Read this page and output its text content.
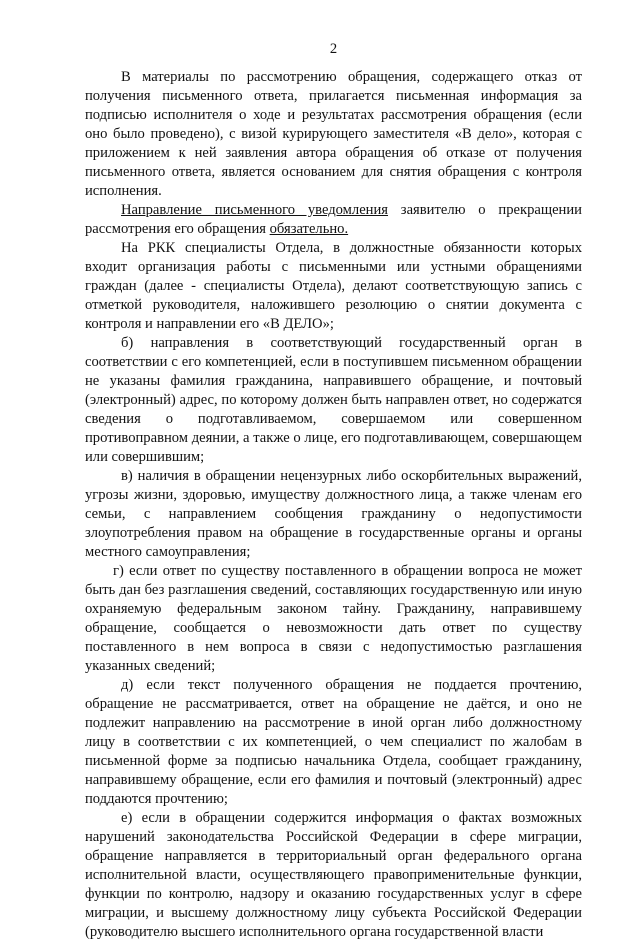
2

В материалы по рассмотрению обращения, содержащего отказ от получения письменного ответа, прилагается письменная информация за подписью исполнителя о ходе и результатах рассмотрения обращения (если оно было проведено), с визой курирующего заместителя «В дело», которая с приложением к ней заявления автора обращения об отказе от получения письменного ответа, является основанием для снятия обращения с контроля исполнения.

Направление письменного уведомления заявителю о прекращении рассмотрения его обращения обязательно.

На РКК специалисты Отдела, в должностные обязанности которых входит организация работы с письменными или устными обращениями граждан (далее - специалисты Отдела), делают соответствующую запись с отметкой руководителя, наложившего резолюцию о снятии документа с контроля и направлении его «В ДЕЛО»;

б) направления в соответствующий государственный орган в соответствии с его компетенцией, если в поступившем письменном обращении не указаны фамилия гражданина, направившего обращение, и почтовый (электронный) адрес, по которому должен быть направлен ответ, но содержатся сведения о подготавливаемом, совершаемом или совершенном противоправном деянии, а также о лице, его подготавливающем, совершающем или совершившим;

в) наличия в обращении нецензурных либо оскорбительных выражений, угрозы жизни, здоровью, имуществу должностного лица, а также членам его семьи, с направлением сообщения гражданину о недопустимости злоупотребления правом на обращение в государственные органы и органы местного самоуправления;

г) если ответ по существу поставленного в обращении вопроса не может быть дан без разглашения сведений, составляющих государственную или иную охраняемую федеральным законом тайну. Гражданину, направившему обращение, сообщается о невозможности дать ответ по существу поставленного в нем вопроса в связи с недопустимостью разглашения указанных сведений;

д) если текст полученного обращения не поддается прочтению, обращение не рассматривается, ответ на обращение не даётся, и оно не подлежит направлению на рассмотрение в иной орган либо должностному лицу в соответствии с их компетенцией, о чем специалист по жалобам в письменной форме за подписью начальника Отдела, сообщает гражданину, направившему обращение, если его фамилия и почтовый (электронный) адрес поддаются прочтению;

е) если в обращении содержится информация о фактах возможных нарушений законодательства Российской Федерации в сфере миграции, обращение направляется в территориальный орган федерального органа исполнительной власти, осуществляющего правоприменительные функции, функции по контролю, надзору и оказанию государственных услуг в сфере миграции, и высшему должностному лицу субъекта Российской Федерации (руководителю высшего исполнительного органа государственной власти
